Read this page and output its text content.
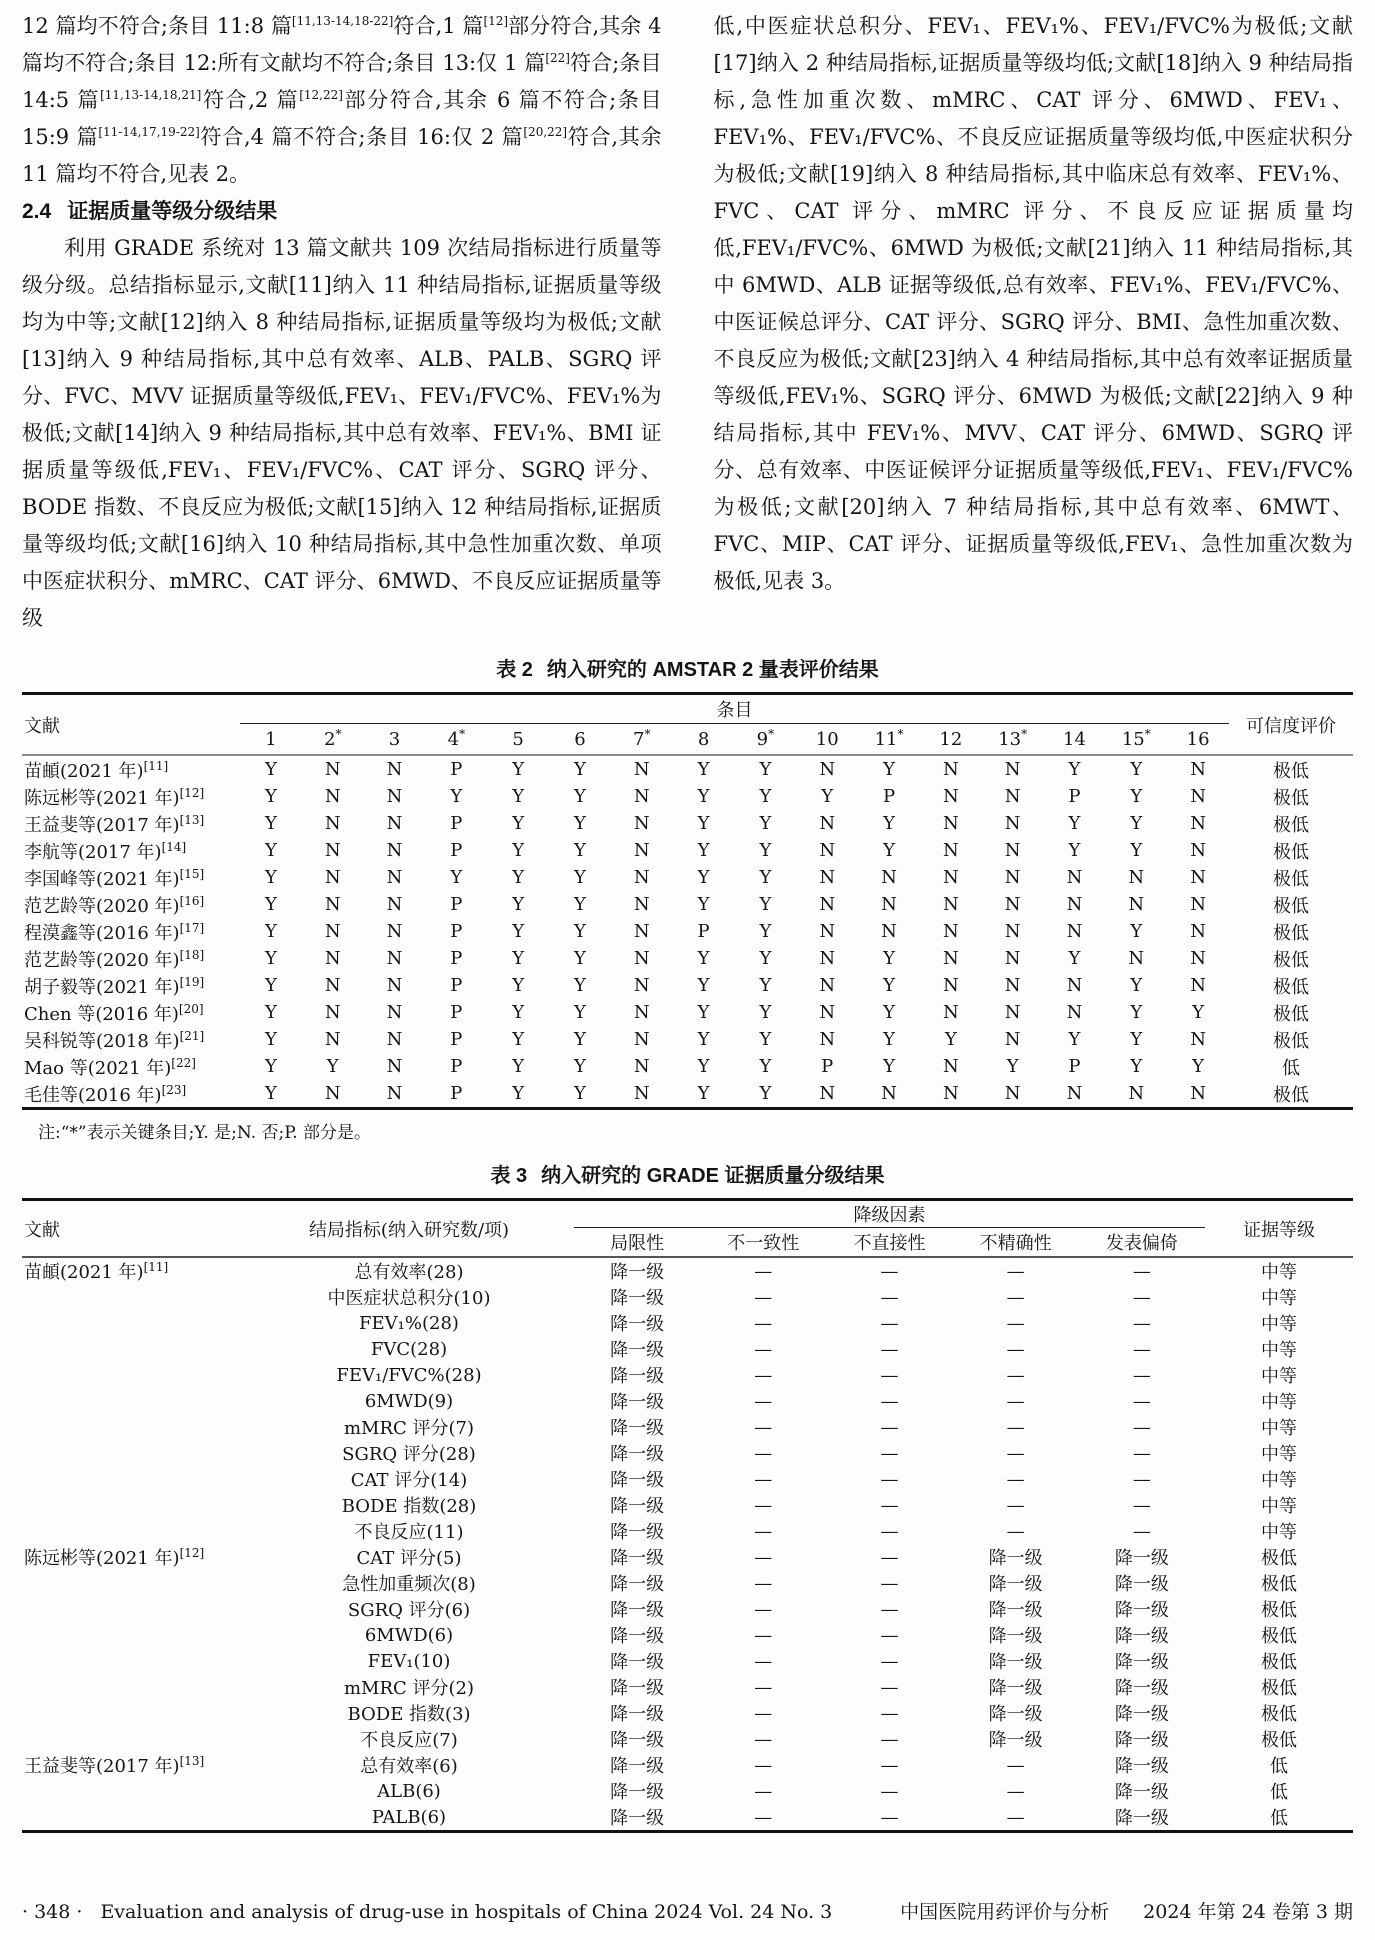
12 篇均不符合;条目 11:8 篇[11,13-14,18-22]符合,1 篇[12]部分符合,其余 4 篇均不符合;条目 12:所有文献均不符合;条目 13:仅 1 篇[22]符合;条目 14:5 篇[11,13-14,18,21]符合,2 篇[12,22]部分符合,其余 6 篇不符合;条目 15:9 篇[11-14,17,19-22]符合,4 篇不符合;条目 16:仅 2 篇[20,22]符合,其余 11 篇均不符合,见表 2。

2.4 证据质量等级分级结果

利用 GRADE 系统对 13 篇文献共 109 次结局指标进行质量等级分级。总结指标显示,文献[11]纳入 11 种结局指标,证据质量等级均为中等;文献[12]纳入 8 种结局指标,证据质量等级均为极低;文献[13]纳入 9 种结局指标,其中总有效率、ALB、PALB、SGRQ 评分、FVC、MVV 证据质量等级低,FEV₁、FEV₁/FVC%、FEV₁%为极低;文献[14]纳入 9 种结局指标,其中总有效率、FEV₁%、BMI 证据质量等级低,FEV₁、FEV₁/FVC%、CAT 评分、SGRQ 评分、BODE 指数、不良反应为极低;文献[15]纳入 12 种结局指标,证据质量等级均低;文献[16]纳入 10 种结局指标,其中急性加重次数、单项中医症状积分、mMRC、CAT 评分、6MWD、不良反应证据质量等级

低,中医症状总积分、FEV₁、FEV₁%、FEV₁/FVC%为极低;文献[17]纳入 2 种结局指标,证据质量等级均低;文献[18]纳入 9 种结局指标,急性加重次数、mMRC、CAT 评分、6MWD、FEV₁、FEV₁%、FEV₁/FVC%、不良反应证据质量等级均低,中医症状积分为极低;文献[19]纳入 8 种结局指标,其中临床总有效率、FEV₁%、FVC、CAT 评分、mMRC 评分、不良反应证据质量均低,FEV₁/FVC%、6MWD 为极低;文献[21]纳入 11 种结局指标,其中 6MWD、ALB 证据等级低,总有效率、FEV₁%、FEV₁/FVC%、中医证候总评分、CAT 评分、SGRQ 评分、BMI、急性加重次数、不良反应为极低;文献[23]纳入 4 种结局指标,其中总有效率证据质量等级低,FEV₁%、SGRQ 评分、6MWD 为极低;文献[22]纳入 9 种结局指标,其中 FEV₁%、MVV、CAT 评分、6MWD、SGRQ 评分、总有效率、中医证候评分证据质量等级低,FEV₁、FEV₁/FVC%为极低;文献[20]纳入 7 种结局指标,其中总有效率、6MWT、FVC、MIP、CAT 评分、证据质量等级低,FEV₁、急性加重次数为极低,见表 3。

表 2 纳入研究的 AMSTAR 2 量表评价结果
文献	条目																可信度评价
	1	2*	3	4*	5	6	7*	8	9*	10	11*	12	13*	14	15*	16	
苗頔(2021 年)[11]	Y	N	N	P	Y	Y	N	Y	Y	N	Y	N	N	Y	Y	N	极低
陈远彬等(2021 年)[12]	Y	N	N	Y	Y	Y	N	Y	Y	Y	P	N	N	P	Y	N	极低
王益斐等(2017 年)[13]	Y	N	N	P	Y	Y	N	Y	Y	N	Y	N	N	Y	Y	N	极低
李航等(2017 年)[14]	Y	N	N	P	Y	Y	N	Y	Y	N	Y	N	N	Y	Y	N	极低
李国峰等(2021 年)[15]	Y	N	N	Y	Y	Y	N	Y	Y	N	N	N	N	N	N	N	极低
范艺龄等(2020 年)[16]	Y	N	N	P	Y	Y	N	Y	Y	N	N	N	N	N	N	N	极低
程漠鑫等(2016 年)[17]	Y	N	N	P	Y	Y	N	P	Y	N	N	N	N	N	Y	N	极低
范艺龄等(2020 年)[18]	Y	N	N	P	Y	Y	N	Y	Y	N	Y	N	N	Y	N	N	极低
胡子毅等(2021 年)[19]	Y	N	N	P	Y	Y	N	Y	Y	N	Y	N	N	N	Y	N	极低
Chen 等(2016 年)[20]	Y	N	N	P	Y	Y	N	Y	Y	N	Y	N	N	N	Y	Y	极低
吴科锐等(2018 年)[21]	Y	N	N	P	Y	Y	N	Y	Y	N	Y	Y	N	Y	Y	N	极低
Mao 等(2021 年)[22]	Y	Y	N	P	Y	Y	N	Y	Y	P	Y	N	Y	P	Y	Y	低
毛佳等(2016 年)[23]	Y	N	N	P	Y	Y	N	Y	Y	N	N	N	N	N	N	N	极低
注:“*”表示关键条目;Y. 是;N. 否;P. 部分是。
表 3 纳入研究的 GRADE 证据质量分级结果
文献	结局指标(纳入研究数/项)	降级因素					证据等级
		局限性	不一致性	不直接性	不精确性	发表偏倚	
苗頔(2021 年)[11]	总有效率(28)	降一级	—	—	—	—	中等
	中医症状总积分(10)	降一级	—	—	—	—	中等
	FEV₁%(28)	降一级	—	—	—	—	中等
	FVC(28)	降一级	—	—	—	—	中等
	FEV₁/FVC%(28)	降一级	—	—	—	—	中等
	6MWD(9)	降一级	—	—	—	—	中等
	mMRC 评分(7)	降一级	—	—	—	—	中等
	SGRQ 评分(28)	降一级	—	—	—	—	中等
	CAT 评分(14)	降一级	—	—	—	—	中等
	BODE 指数(28)	降一级	—	—	—	—	中等
	不良反应(11)	降一级	—	—	—	—	中等
陈远彬等(2021 年)[12]	CAT 评分(5)	降一级	—	—	降一级	降一级	极低
	急性加重频次(8)	降一级	—	—	降一级	降一级	极低
	SGRQ 评分(6)	降一级	—	—	降一级	降一级	极低
	6MWD(6)	降一级	—	—	降一级	降一级	极低
	FEV₁(10)	降一级	—	—	降一级	降一级	极低
	mMRC 评分(2)	降一级	—	—	降一级	降一级	极低
	BODE 指数(3)	降一级	—	—	降一级	降一级	极低
	不良反应(7)	降一级	—	—	降一级	降一级	极低
王益斐等(2017 年)[13]	总有效率(6)	降一级	—	—	—	降一级	低
	ALB(6)	降一级	—	—	—	降一级	低
	PALB(6)	降一级	—	—	—	降一级	低
· 348 · Evaluation and analysis of drug-use in hospitals of China 2024 Vol. 24 No. 3	中国医院用药评价与分析 2024 年第 24 卷第 3 期
